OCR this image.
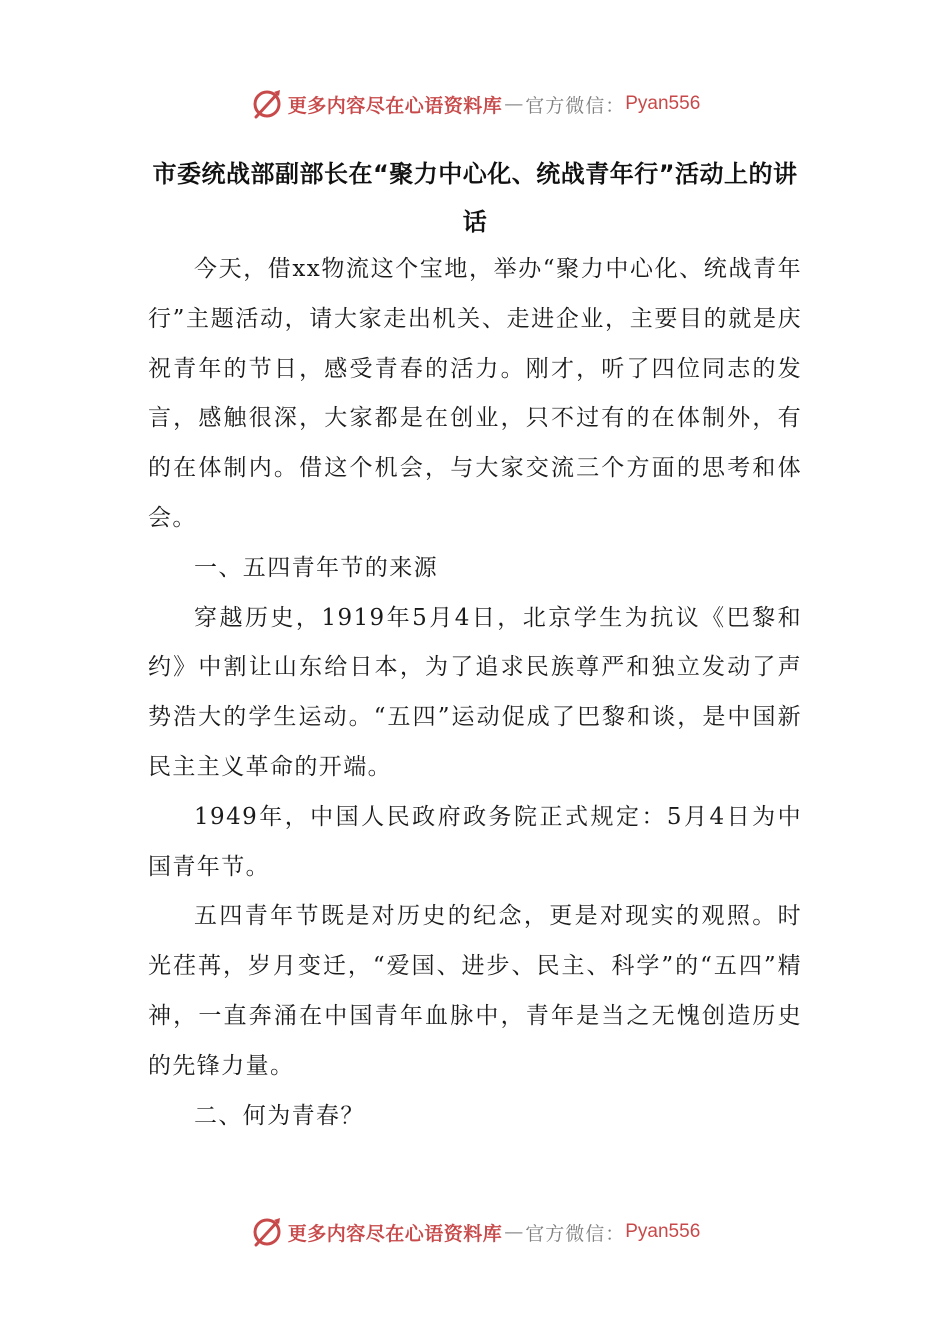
更多内容尽在心语资料库 — 官方微信： Pyan556
市委统战部副部长在“聚力中心化、统战青年行”活动上的讲话

今天，借xx物流这个宝地，举办“聚力中心化、统战青年行”主题活动，请大家走出机关、走进企业，主要目的就是庆祝青年的节日，感受青春的活力。刚才，听了四位同志的发言，感触很深，大家都是在创业，只不过有的在体制外，有的在体制内。借这个机会，与大家交流三个方面的思考和体会。

一、五四青年节的来源

穿越历史，1919年5月4日，北京学生为抗议《巴黎和约》中割让山东给日本，为了追求民族尊严和独立发动了声势浩大的学生运动。“五四”运动促成了巴黎和谈，是中国新民主主义革命的开端。

1949年，中国人民政府政务院正式规定：5月4日为中国青年节。

五四青年节既是对历史的纪念，更是对现实的观照。时光荏苒，岁月变迁，“爱国、进步、民主、科学”的“五四”精神，一直奔涌在中国青年血脉中，青年是当之无愧创造历史的先锋力量。

二、何为青春？

更多内容尽在心语资料库 — 官方微信： Pyan556
